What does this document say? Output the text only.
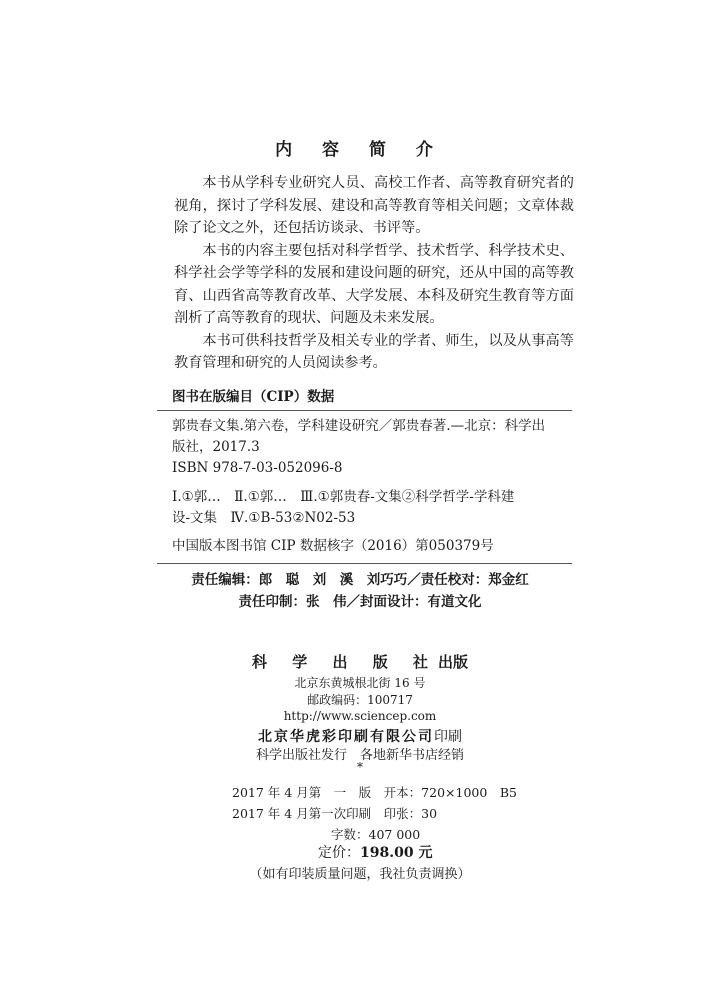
内 容 简 介

本书从学科专业研究人员、高校工作者、高等教育研究者的视角，探讨了学科发展、建设和高等教育等相关问题；文章体裁除了论文之外，还包括访谈录、书评等。

本书的内容主要包括对科学哲学、技术哲学、科学技术史、科学社会学等学科的发展和建设问题的研究，还从中国的高等教育、山西省高等教育改革、大学发展、本科及研究生教育等方面剖析了高等教育的现状、问题及未来发展。

本书可供科技哲学及相关专业的学者、师生，以及从事高等教育管理和研究的人员阅读参考。

图书在版编目（CIP）数据

郭贵春文集.第六卷，学科建设研究／郭贵春著.—北京：科学出

版社，2017.3

ISBN 978-7-03-052096-8

Ⅰ.①郭…　Ⅱ.①郭…　Ⅲ.①郭贵春-文集②科学哲学-学科建

设-文集　Ⅳ.①B-53②N02-53

中国版本图书馆 CIP 数据核字（2016）第050379号
责任编辑：郎　聪　刘　溪　刘巧巧／责任校对：郑金红
责任印制：张　伟／封面设计：有道文化
科 学 出 版 社出版
北京东黄城根北街 16 号
邮政编码：100717
http://www.sciencep.com
北京华虎彩印刷有限公司印刷
科学出版社发行　各地新华书店经销
*
2017 年 4 月第　一　版　开本：720×1000　B5
2017 年 4 月第一次印刷　印张：30
字数：407 000
定价：198.00 元
（如有印装质量问题，我社负责调换）
